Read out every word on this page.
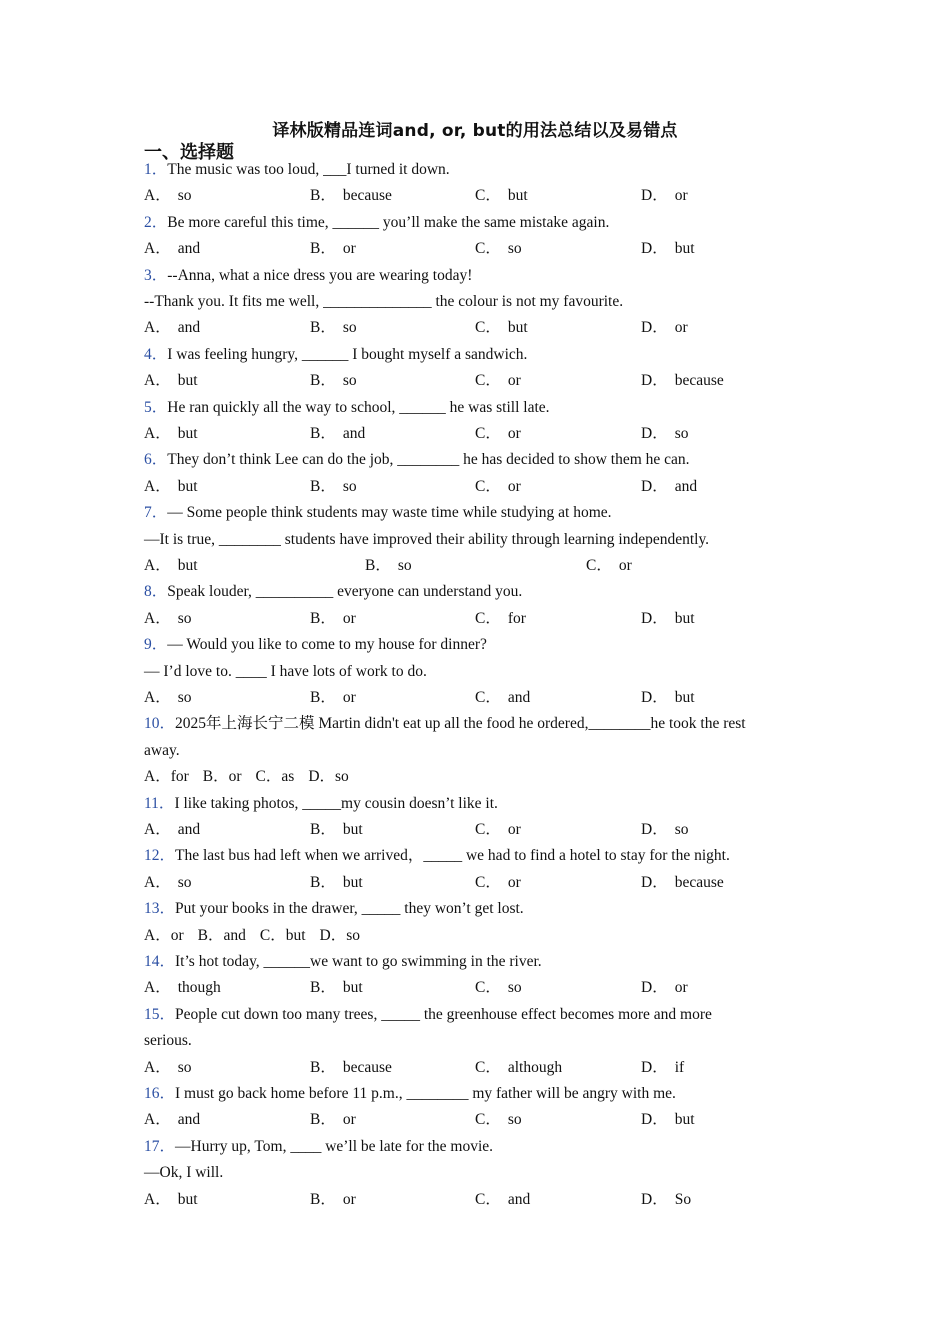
译林版精品连词and, or, but的用法总结以及易错点
一、选择题
1．The music was too loud, ___I turned it down.
A． so	B． because	C． but	D． or
2．Be more careful this time, ______ you’ll make the same mistake again.
A． and	B． or	C． so	D． but
3．--Anna, what a nice dress you are wearing today!
--Thank you. It fits me well, ______________ the colour is not my favourite.
A． and	B． so	C． but	D． or
4．I was feeling hungry, ______ I bought myself a sandwich.
A． but	B． so	C． or	D． because
5．He ran quickly all the way to school, ______ he was still late.
A． but	B． and	C． or	D． so
6．They don’t think Lee can do the job, ________ he has decided to show them he can.
A． but	B． so	C． or	D． and
7．— Some people think students may waste time while studying at home.
—It is true, ________ students have improved their ability through learning independently.
A． but	B． so	C． or
8．Speak louder, __________ everyone can understand you.
A． so	B． or	C． for	D． but
9．— Would you like to come to my house for dinner?
— I’d love to. ____ I have lots of work to do.
A． so	B． or	C． and	D． but
10．2025年上海长宁二模 Martin didn't eat up all the food he ordered,________he took the rest
away.
A．for B．or C．as D．so
11．I like taking photos, _____my cousin doesn’t like it.
A． and	B． but	C． or	D． so
12．The last bus had left when we arrived，_____ we had to find a hotel to stay for the night.
A． so	B． but	C． or	D． because
13．Put your books in the drawer, _____ they won’t get lost.
A．or B．and C．but D．so
14．It’s hot today, ______we want to go swimming in the river.
A． though	B． but	C． so	D． or
15．People cut down too many trees, _____ the greenhouse effect becomes more and more
serious.
A． so	B． because	C． although	D． if
16．I must go back home before 11 p.m., ________ my father will be angry with me.
A． and	B． or	C． so	D． but
17．—Hurry up, Tom, ____ we’ll be late for the movie.
—Ok, I will.
A． but	B． or	C． and	D． So
